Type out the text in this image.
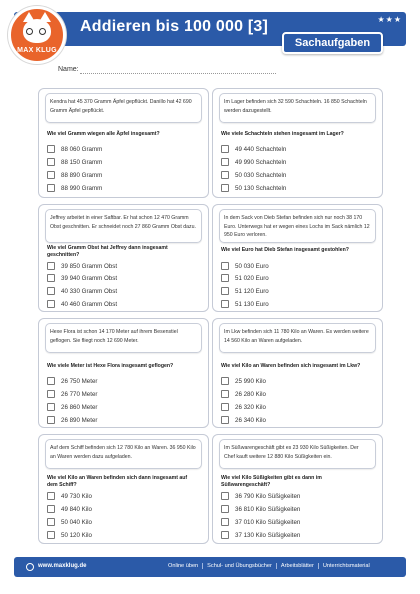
MAX KLUG
Addieren bis 100 000 [3]	★★★
Sachaufgaben
Name:
Kendra hat 45 370 Gramm Äpfel gepflückt. Danillo hat 42 690 Gramm Äpfel gepflückt.
Wie viel Gramm wiegen alle Äpfel insgesamt?
88 060 Gramm
88 150 Gramm
88 890 Gramm
88 990 Gramm
Im Lager befinden sich 32 590 Schachteln. 16 850 Schachteln werden dazugestellt.
Wie viele Schachteln stehen insgesamt im Lager?
49 440 Schachteln
49 990 Schachteln
50 030 Schachteln
50 130 Schachteln
Jeffrey arbeitet in einer Saftbar. Er hat schon 12 470 Gramm Obst geschnitten. Er schneidet noch 27 860 Gramm Obst dazu.
Wie viel Gramm Obst hat Jeffrey dann insgesamt geschnitten?
39 850 Gramm Obst
39 940 Gramm Obst
40 330 Gramm Obst
40 460 Gramm Obst
In dem Sack von Dieb Stefan befinden sich nur noch 38 170 Euro. Unterwegs hat er wegen eines Lochs im Sack nämlich 12 950 Euro verloren.
Wie viel Euro hat Dieb Stefan insgesamt gestohlen?
50 030 Euro
51 020 Euro
51 120 Euro
51 130 Euro
Hexe Flora ist schon 14 170 Meter auf ihrem Besenstiel geflogen. Sie fliegt noch 12 690 Meter.
Wie viele Meter ist Hexe Flora insgesamt geflogen?
26 750 Meter
26 770 Meter
26 860 Meter
26 890 Meter
Im Lkw befinden sich 11 780 Kilo an Waren. Es werden weitere 14 560 Kilo an Waren aufgeladen.
Wie viel Kilo an Waren befinden sich insgesamt im Lkw?
25 990 Kilo
26 280 Kilo
26 320 Kilo
26 340 Kilo
Auf dem Schiff befinden sich 12 780 Kilo an Waren. 36 950 Kilo an Waren werden dazu aufgeladen.
Wie viel Kilo an Waren befinden sich dann insgesamt auf dem Schiff?
49 730 Kilo
49 840 Kilo
50 040 Kilo
50 120 Kilo
Im Süßwarengeschäft gibt es 23 930 Kilo Süßigkeiten. Der Chef kauft weitere 12 880 Kilo Süßigkeiten ein.
Wie viel Kilo Süßigkeiten gibt es dann im Süßwarengeschäft?
36 790 Kilo Süßigkeiten
36 810 Kilo Süßigkeiten
37 010 Kilo Süßigkeiten
37 130 Kilo Süßigkeiten
www.maxklug.de	Online üben	Schul- und Übungsbücher	Arbeitsblätter	Unterrichtsmaterial
